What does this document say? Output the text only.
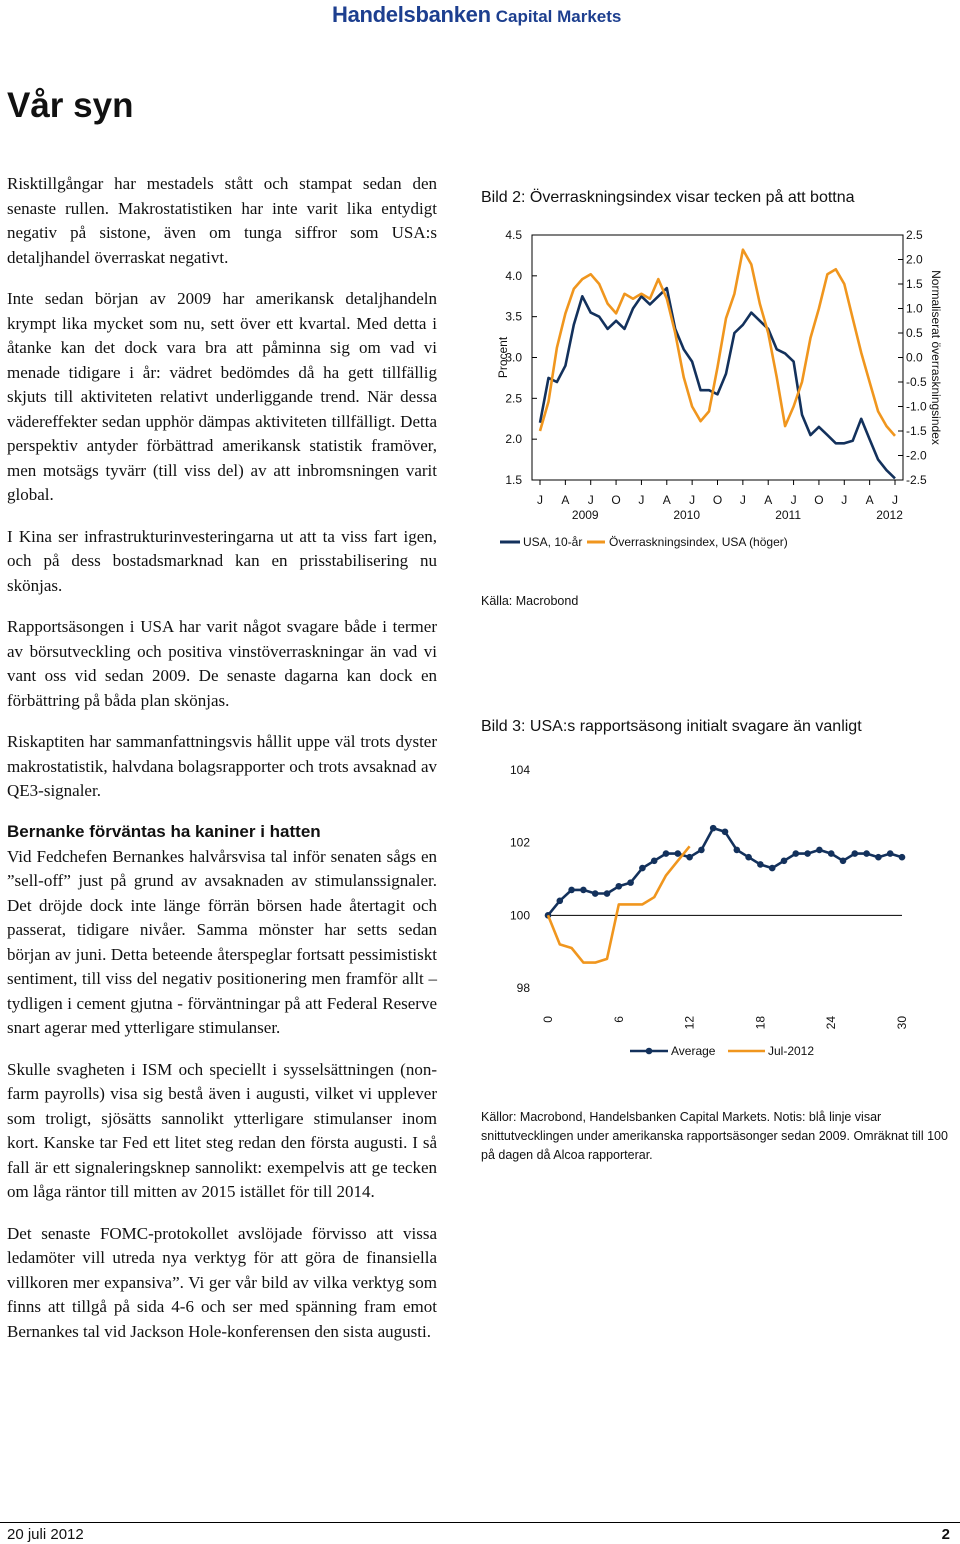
Handelsbanken Capital Markets
Vår syn

Risktillgångar har mestadels stått och stampat sedan den senaste rullen. Makrostatistiken har inte varit lika entydigt negativ på sistone, även om tunga siffror som USA:s detaljhandel överraskat negativt.

Inte sedan början av 2009 har amerikansk detaljhandeln krympt lika mycket som nu, sett över ett kvartal. Med detta i åtanke kan det dock vara bra att påminna sig om vad vi menade tidigare i år: vädret bedömdes då ha gett tillfällig skjuts till aktiviteten relativt underliggande trend. När dessa vädereffekter sedan upphör dämpas aktiviteten tillfälligt. Detta perspektiv antyder förbättrad amerikansk statistik framöver, men motsägs tyvärr (till viss del) av att inbromsningen varit global.

I Kina ser infrastrukturinvesteringarna ut att ta viss fart igen, och på dess bostadsmarknad kan en prisstabilisering nu skönjas.

Rapportsäsongen i USA har varit något svagare både i termer av börsutveckling och positiva vinstöverraskningar än vad vi vant oss vid sedan 2009. De senaste dagarna kan dock en förbättring på båda plan skönjas.

Riskaptiten har sammanfattningsvis hållit uppe väl trots dyster makrostatistik, halvdana bolagsrapporter och trots avsaknad av QE3-signaler.

Bernanke förväntas ha kaniner i hatten

Vid Fedchefen Bernankes halvårsvisa tal inför senaten sågs en ”sell-off” just på grund av avsaknaden av stimulanssignaler. Det dröjde dock inte länge förrän börsen hade återtagit och passerat, tidigare nivåer. Samma mönster har setts sedan början av juni. Detta beteende återspeglar fortsatt pessimistiskt sentiment, till viss del negativ positionering men framför allt – tydligen i cement gjutna - förväntningar på att Federal Reserve snart agerar med ytterligare stimulanser.

Skulle svagheten i ISM och speciellt i sysselsättningen (non-farm payrolls) visa sig bestå även i augusti, vilket vi upplever som troligt, sjösätts sannolikt ytterligare stimulanser inom kort. Kanske tar Fed ett litet steg redan den första augusti. I så fall är ett signaleringsknep sannolikt: exempelvis att ge tecken om låga räntor till mitten av 2015 istället för till 2014.

Det senaste FOMC-protokollet avslöjade förvisso att vissa ledamöter vill utreda nya verktyg för att göra de finansiella villkoren mer expansiva”. Vi ger vår bild av vilka verktyg som finns att tillgå på sida 4-6 och ser med spänning fram emot Bernankes tal vid Jackson Hole-konferensen den sista augusti.

Bild 2: Överraskningsindex visar tecken på att bottna
4.5
4.0
3.5
3.0
2.5
2.0
1.5
2.5
2.0
1.5
1.0
0.5
0.0
-0.5
-1.0
-1.5
-2.0
-2.5
Procent	Normaliserat överraskningsindex
J A J O J A J O J A J O J A J
2009	2010	2011	2012
USA, 10-år Överraskningsindex, USA (höger)
Källa: Macrobond
Bild 3: USA:s rapportsäsong initialt svagare än vanligt
104
102
100
98
0	6	12	18	24	30
Average	Jul-2012
Källor: Macrobond, Handelsbanken Capital Markets. Notis: blå linje visar snittutvecklingen under amerikanska rapportsäsonger sedan 2009. Omräknat till 100 på dagen då Alcoa rapporterar.
20 juli 2012	2
